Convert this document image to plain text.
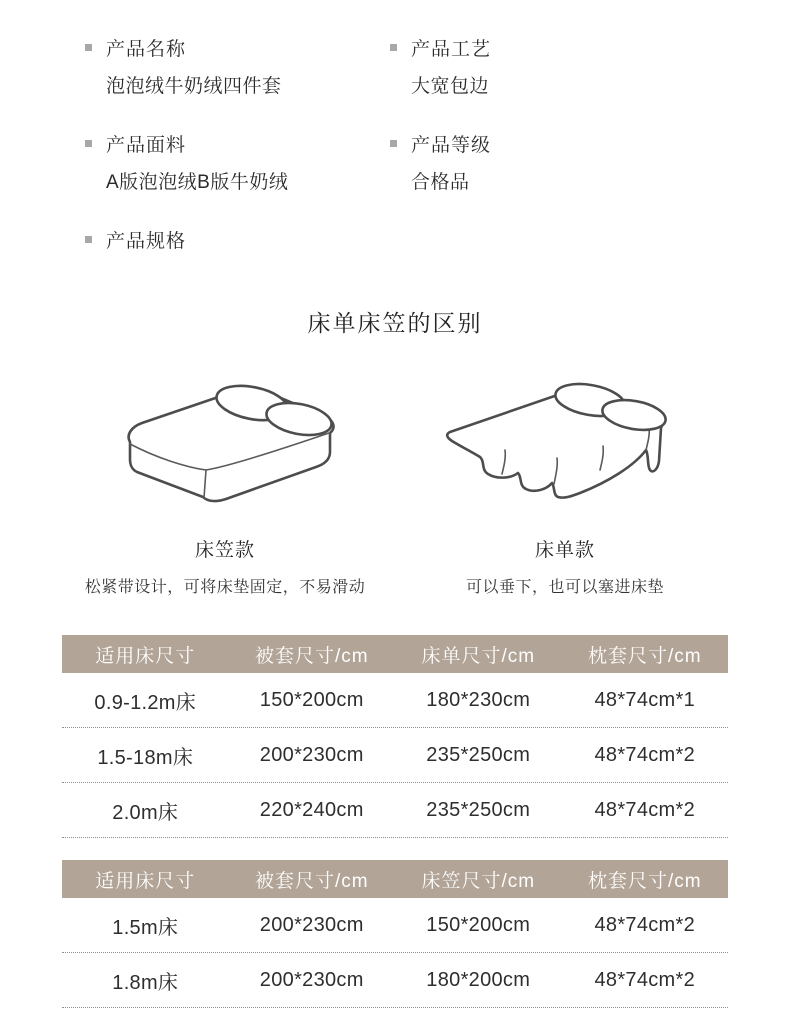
产品名称
泡泡绒牛奶绒四件套
产品工艺
大宽包边
产品面料
A版泡泡绒B版牛奶绒
产品等级
合格品
产品规格
床单床笠的区别
床笠款
松紧带设计，可将床垫固定，不易滑动
床单款
可以垂下，也可以塞进床垫
适用床尺寸	被套尺寸/cm	床单尺寸/cm	枕套尺寸/cm
0.9-1.2m床	150*200cm	180*230cm	48*74cm*1
1.5-18m床	200*230cm	235*250cm	48*74cm*2
2.0m床	220*240cm	235*250cm	48*74cm*2
适用床尺寸	被套尺寸/cm	床笠尺寸/cm	枕套尺寸/cm
1.5m床	200*230cm	150*200cm	48*74cm*2
1.8m床	200*230cm	180*200cm	48*74cm*2
